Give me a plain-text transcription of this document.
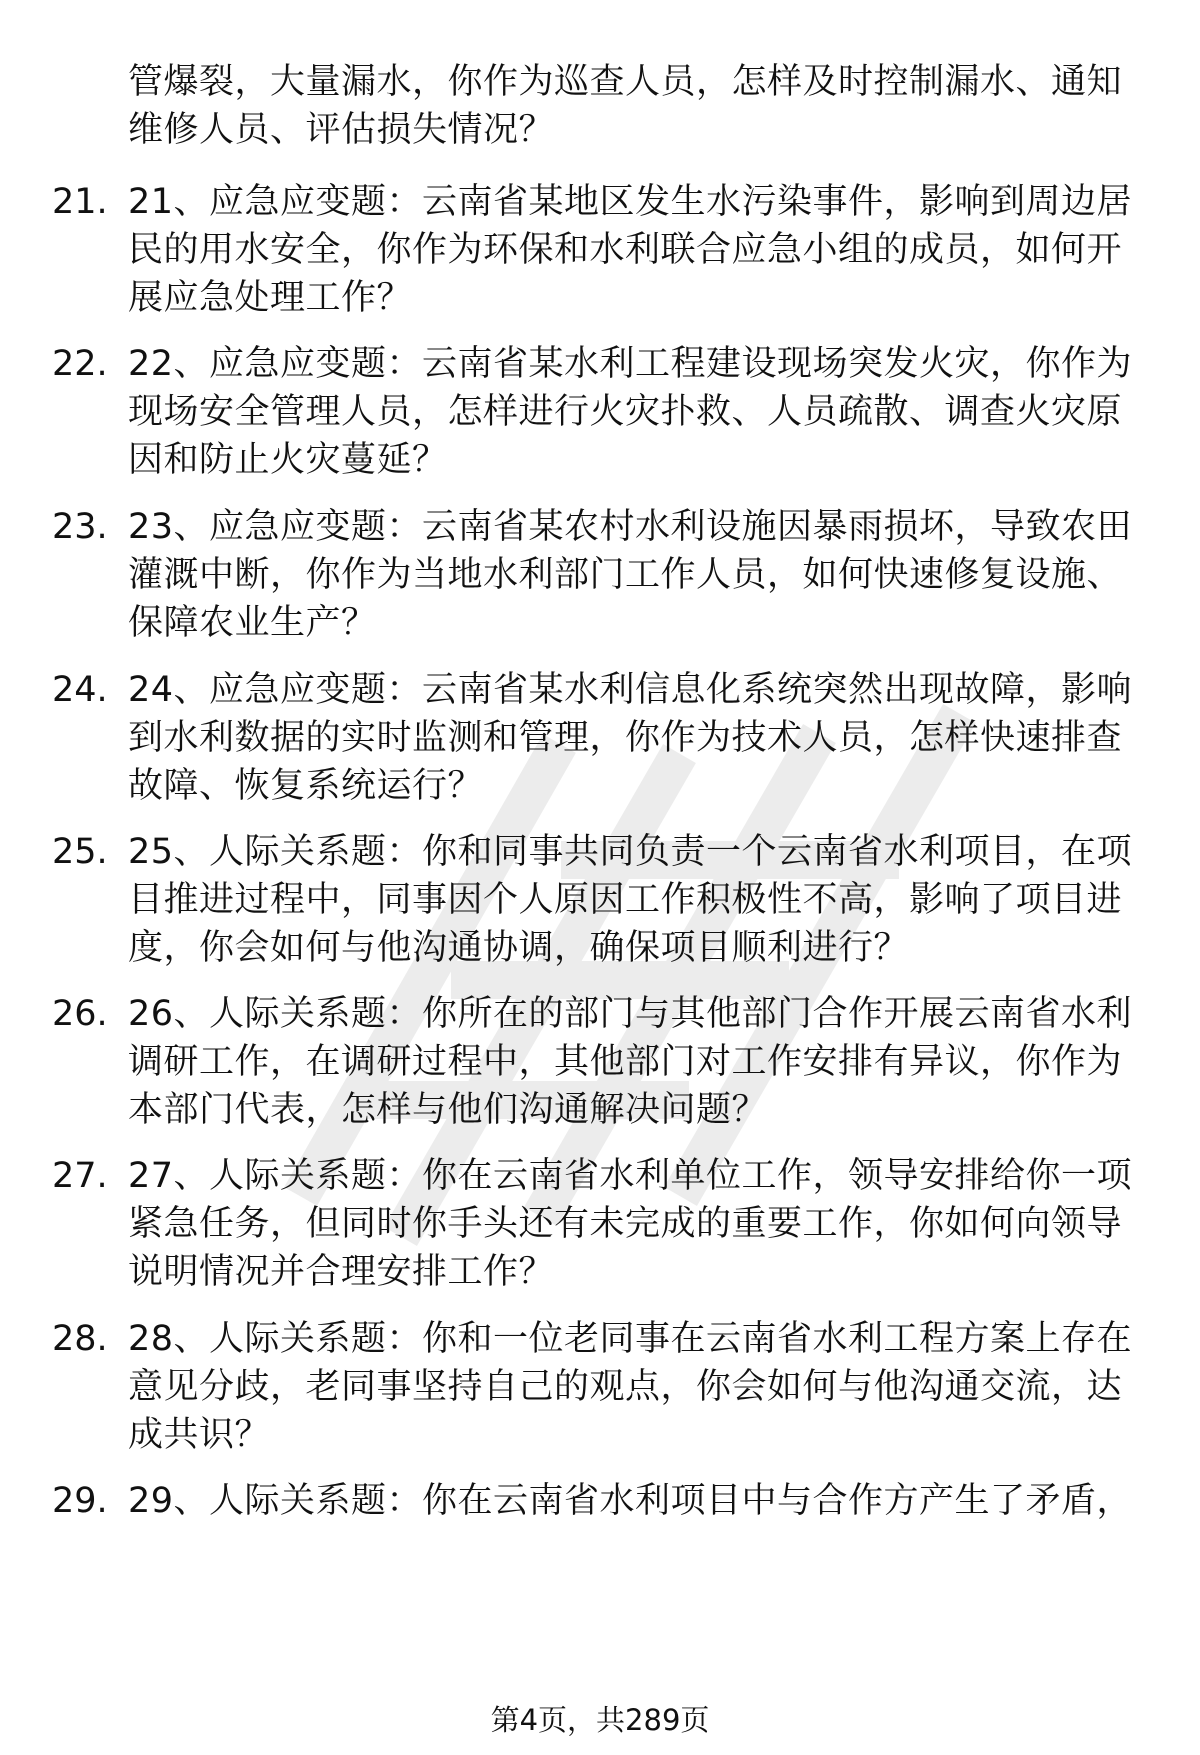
管爆裂，大量漏水，你作为巡查人员，怎样及时控制漏水、通知维修人员、评估损失情况？
21. 21、应急应变题：云南省某地区发生水污染事件，影响到周边居民的用水安全，你作为环保和水利联合应急小组的成员，如何开展应急处理工作？
22. 22、应急应变题：云南省某水利工程建设现场突发火灾，你作为现场安全管理人员，怎样进行火灾扑救、人员疏散、调查火灾原因和防止火灾蔓延？
23. 23、应急应变题：云南省某农村水利设施因暴雨损坏，导致农田灌溉中断，你作为当地水利部门工作人员，如何快速修复设施、保障农业生产？
24. 24、应急应变题：云南省某水利信息化系统突然出现故障，影响到水利数据的实时监测和管理，你作为技术人员，怎样快速排查故障、恢复系统运行？
25. 25、人际关系题：你和同事共同负责一个云南省水利项目，在项目推进过程中，同事因个人原因工作积极性不高，影响了项目进度，你会如何与他沟通协调，确保项目顺利进行？
26. 26、人际关系题：你所在的部门与其他部门合作开展云南省水利调研工作，在调研过程中，其他部门对工作安排有异议，你作为本部门代表，怎样与他们沟通解决问题？
27. 27、人际关系题：你在云南省水利单位工作，领导安排给你一项紧急任务，但同时你手头还有未完成的重要工作，你如何向领导说明情况并合理安排工作？
28. 28、人际关系题：你和一位老同事在云南省水利工程方案上存在意见分歧，老同事坚持自己的观点，你会如何与他沟通交流，达成共识？
29. 29、人际关系题：你在云南省水利项目中与合作方产生了矛盾，
第4页，共289页
